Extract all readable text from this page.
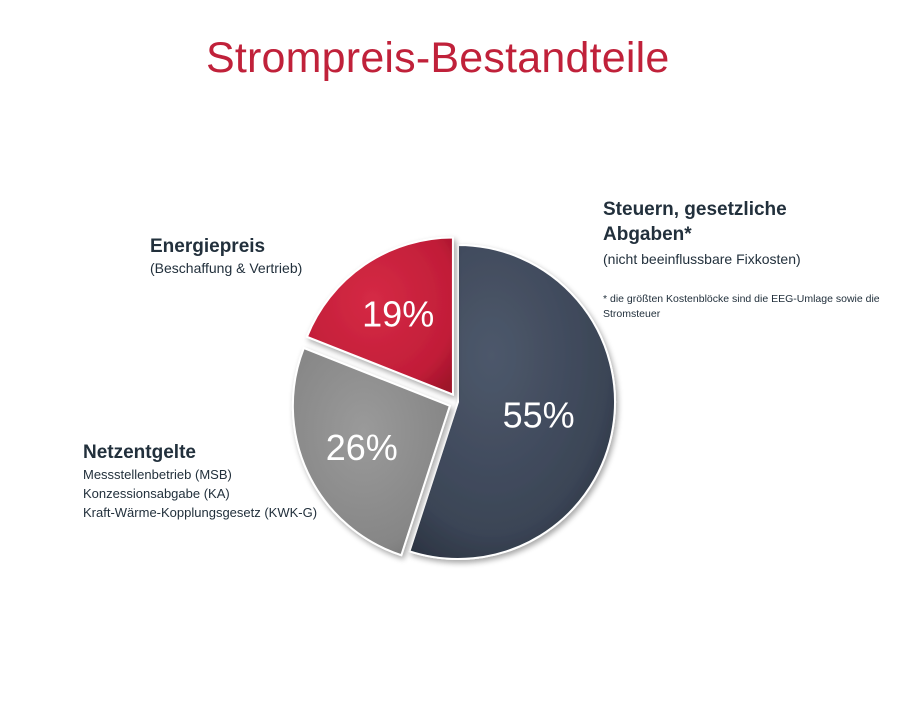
Strompreis-Bestandteile
55%
26%
19%
Energiepreis
(Beschaffung & Vertrieb)
Steuern, gesetzliche
Abgaben*
(nicht beeinflussbare Fixkosten)
* die größten Kostenblöcke sind die EEG-Umlage sowie die Stromsteuer
Netzentgelte
Messstellenbetrieb (MSB)
Konzessionsabgabe (KA)
Kraft-Wärme-Kopplungsgesetz (KWK-G)
